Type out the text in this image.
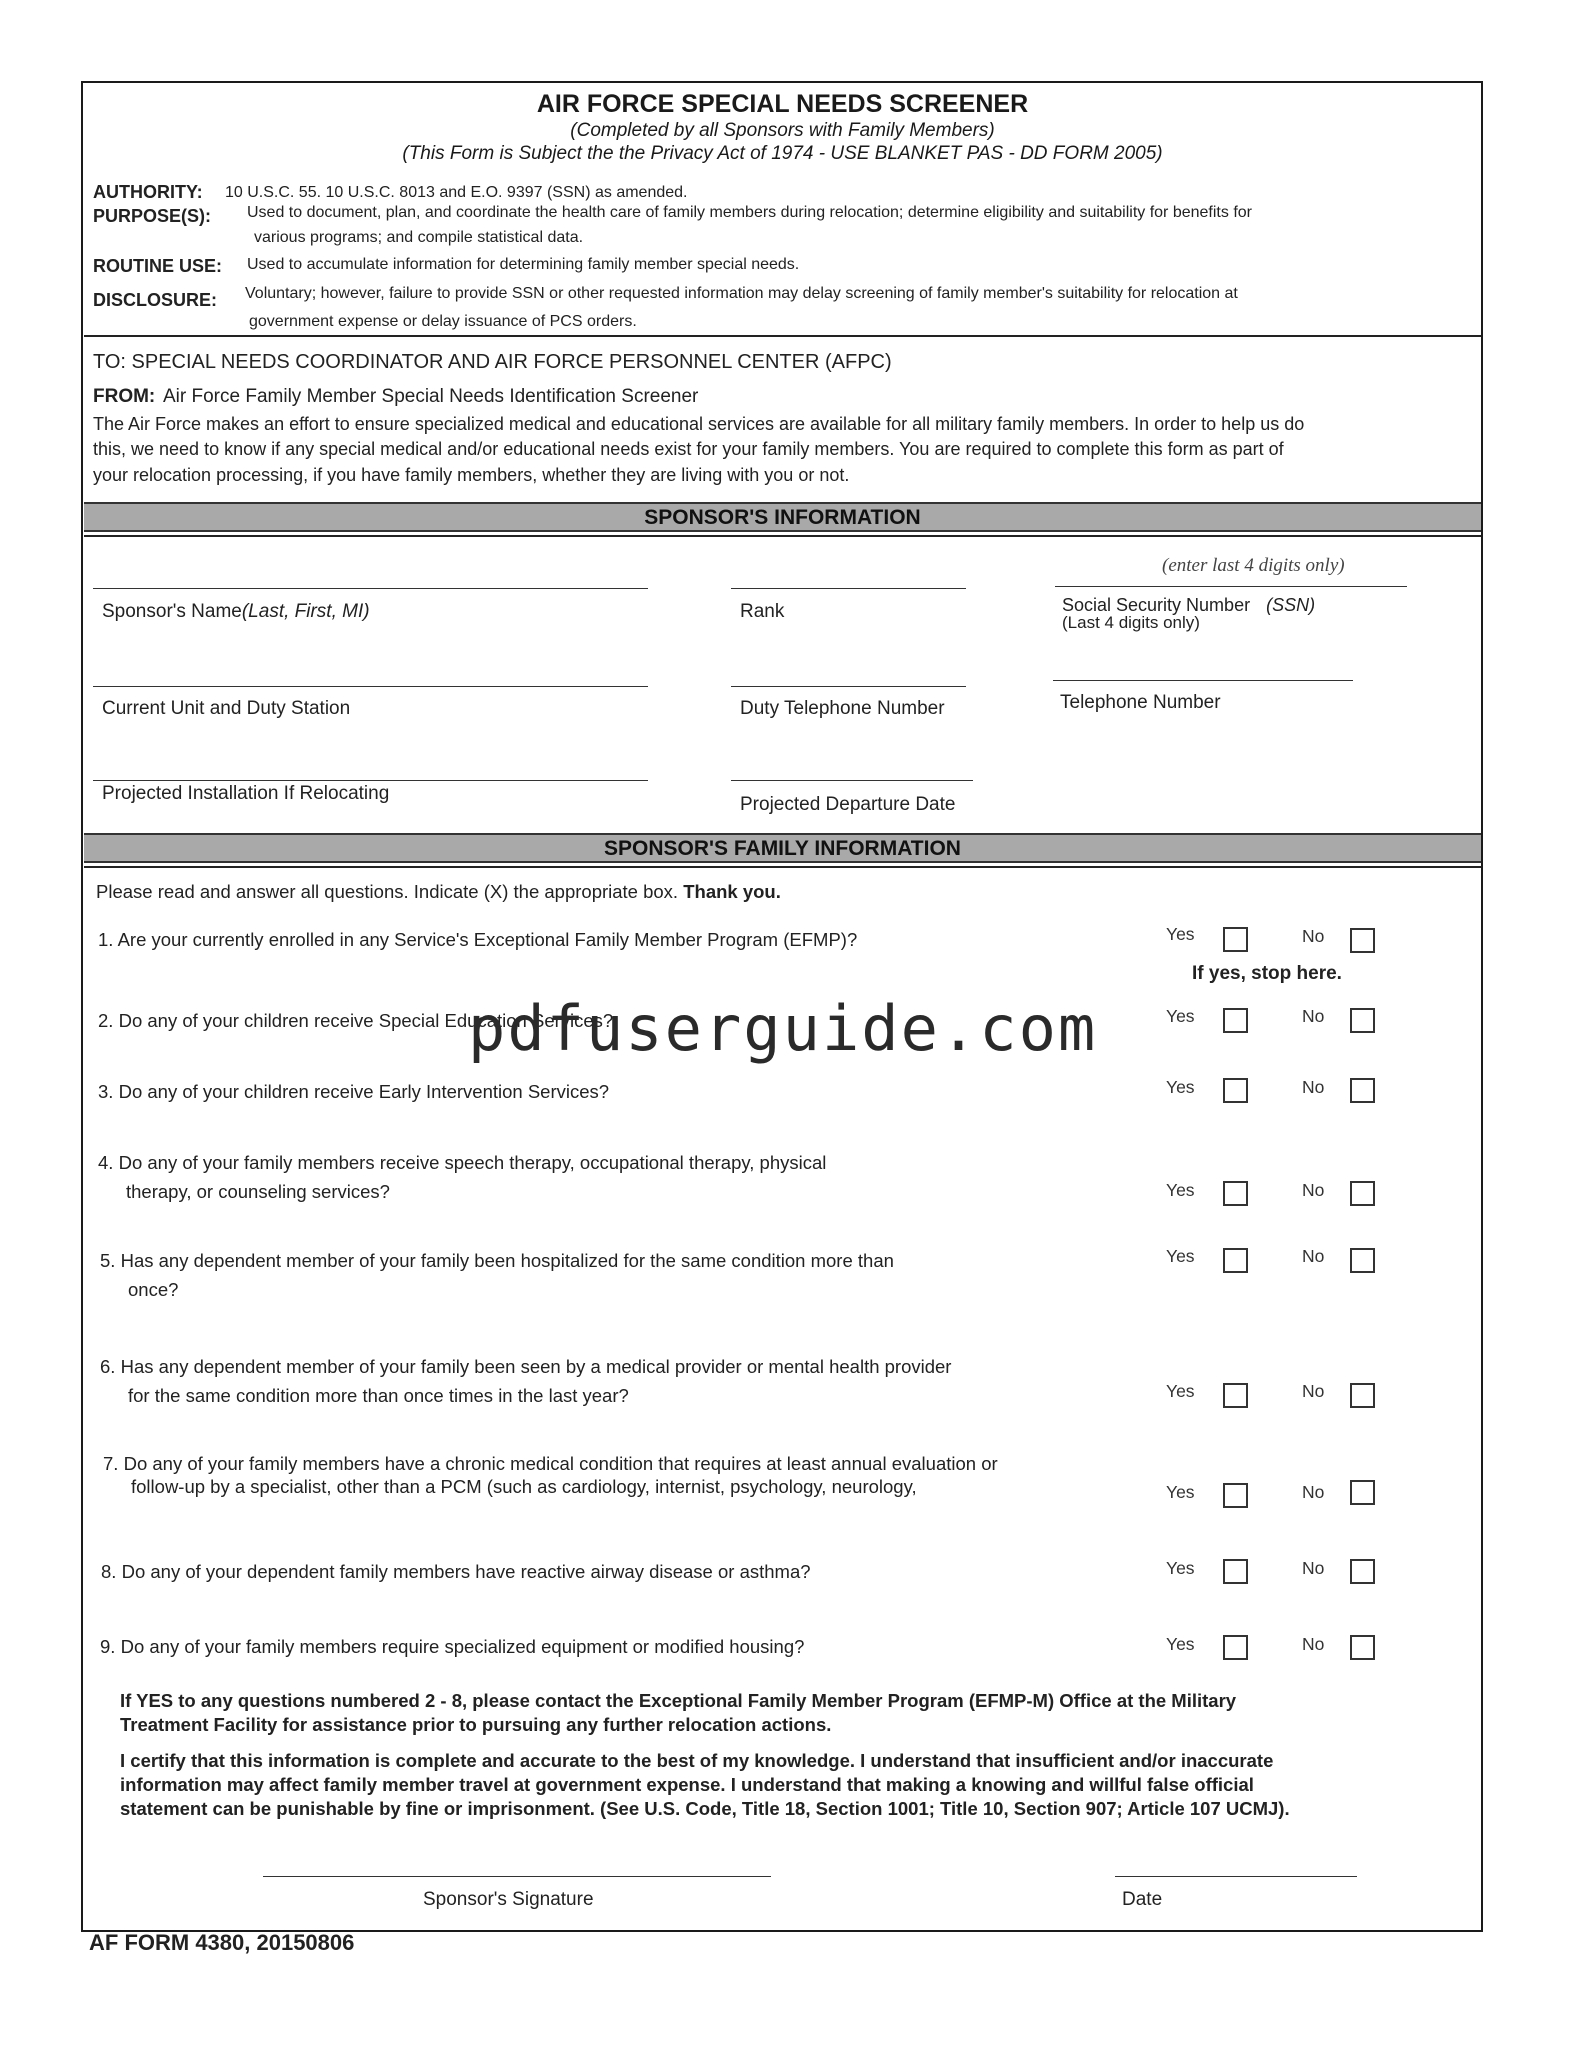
AIR FORCE SPECIAL NEEDS SCREENER
(Completed by all Sponsors with Family Members)
(This Form is Subject the the Privacy Act of 1974 - USE BLANKET PAS - DD FORM 2005)
AUTHORITY: 10 U.S.C. 55. 10 U.S.C. 8013 and E.O. 9397 (SSN) as amended.
PURPOSE(S): Used to document, plan, and coordinate the health care of family members during relocation; determine eligibility and suitability for benefits for
various programs; and compile statistical data.
ROUTINE USE: Used to accumulate information for determining family member special needs.
DISCLOSURE: Voluntary; however, failure to provide SSN or other requested information may delay screening of family member's suitability for relocation at
government expense or delay issuance of PCS orders.
TO: SPECIAL NEEDS COORDINATOR AND AIR FORCE PERSONNEL CENTER (AFPC)
FROM: Air Force Family Member Special Needs Identification Screener
The Air Force makes an effort to ensure specialized medical and educational services are available for all military family members. In order to help us do
this, we need to know if any special medical and/or educational needs exist for your family members. You are required to complete this form as part of
your relocation processing, if you have family members, whether they are living with you or not.
SPONSOR'S INFORMATION
(enter last 4 digits only)
Sponsor's Name(Last, First, MI)	Rank	Social Security Number (SSN)
(Last 4 digits only)
Current Unit and Duty Station	Duty Telephone Number	Telephone Number
Projected Installation If Relocating
Projected Departure Date
SPONSOR'S FAMILY INFORMATION
Please read and answer all questions. Indicate (X) the appropriate box. Thank you.
1. Are your currently enrolled in any Service's Exceptional Family Member Program (EFMP)?	Yes	No
If yes, stop here.
2. Do any of your children receive Special Education Services?	Yes	No
3. Do any of your children receive Early Intervention Services?	Yes	No
4. Do any of your family members receive speech therapy, occupational therapy, physical
therapy, or counseling services?	Yes	No
5. Has any dependent member of your family been hospitalized for the same condition more than
once?
Yes	No
6. Has any dependent member of your family been seen by a medical provider or mental health provider
for the same condition more than once times in the last year?	Yes	No
7. Do any of your family members have a chronic medical condition that requires at least annual evaluation or
follow-up by a specialist, other than a PCM (such as cardiology, internist, psychology, neurology,	Yes	No
8. Do any of your dependent family members have reactive airway disease or asthma?	Yes	No
9. Do any of your family members require specialized equipment or modified housing?	Yes	No
If YES to any questions numbered 2 - 8, please contact the Exceptional Family Member Program (EFMP-M) Office at the Military
Treatment Facility for assistance prior to pursuing any further relocation actions.
I certify that this information is complete and accurate to the best of my knowledge. I understand that insufficient and/or inaccurate
information may affect family member travel at government expense. I understand that making a knowing and willful false official
statement can be punishable by fine or imprisonment. (See U.S. Code, Title 18, Section 1001; Title 10, Section 907; Article 107 UCMJ).
Sponsor's Signature	Date
AF FORM 4380, 20150806
pdfuserguide.com
